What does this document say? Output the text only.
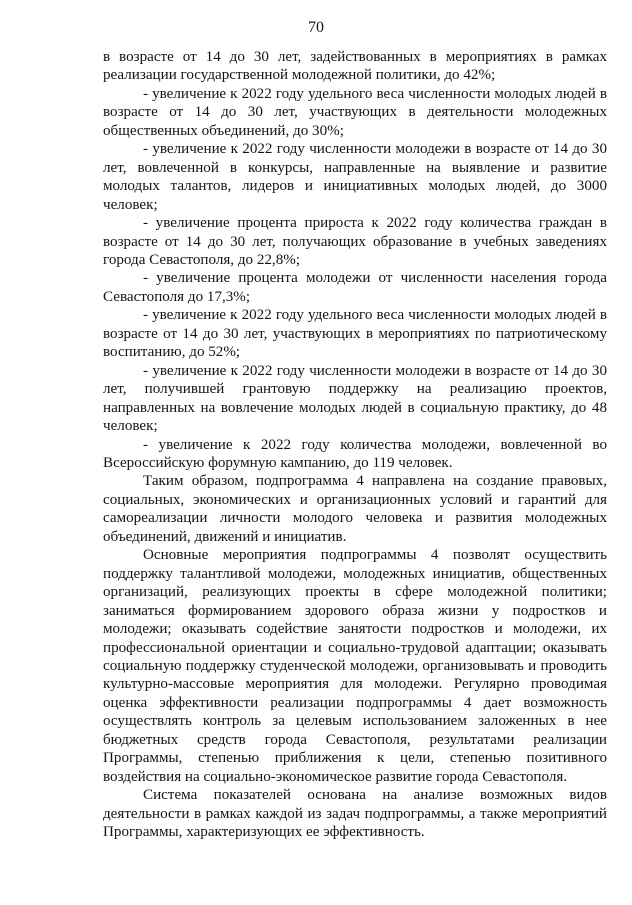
70

в возрасте от 14 до 30 лет, задействованных в мероприятиях в рамках реализации государственной молодежной политики, до 42%;

- увеличение к 2022 году удельного веса численности молодых людей в возрасте от 14 до 30 лет, участвующих в деятельности молодежных общественных объединений, до 30%;

- увеличение к 2022 году численности молодежи в возрасте от 14 до 30 лет, вовлеченной в конкурсы, направленные на выявление и развитие молодых талантов, лидеров и инициативных молодых людей, до 3000 человек;

- увеличение процента прироста к 2022 году количества граждан в возрасте от 14 до 30 лет, получающих образование в учебных заведениях города Севастополя, до 22,8%;

- увеличение процента молодежи от численности населения города Севастополя до 17,3%;

- увеличение к 2022 году удельного веса численности молодых людей в возрасте от 14 до 30 лет, участвующих в мероприятиях по патриотическому воспитанию, до 52%;

- увеличение к 2022 году численности молодежи в возрасте от 14 до 30 лет, получившей грантовую поддержку на реализацию проектов, направленных на вовлечение молодых людей в социальную практику, до 48 человек;

- увеличение к 2022 году количества молодежи, вовлеченной во Всероссийскую форумную кампанию, до 119 человек.

Таким образом, подпрограмма 4 направлена на создание правовых, социальных, экономических и организационных условий и гарантий для самореализации личности молодого человека и развития молодежных объединений, движений и инициатив.

Основные мероприятия подпрограммы 4 позволят осуществить поддержку талантливой молодежи, молодежных инициатив, общественных организаций, реализующих проекты в сфере молодежной политики; заниматься формированием здорового образа жизни у подростков и молодежи; оказывать содействие занятости подростков и молодежи, их профессиональной ориентации и социально-трудовой адаптации; оказывать социальную поддержку студенческой молодежи, организовывать и проводить культурно-массовые мероприятия для молодежи. Регулярно проводимая оценка эффективности реализации подпрограммы 4 дает возможность осуществлять контроль за целевым использованием заложенных в нее бюджетных средств города Севастополя, результатами реализации Программы, степенью приближения к цели, степенью позитивного воздействия на социально-экономическое развитие города Севастополя.

Система показателей основана на анализе возможных видов деятельности в рамках каждой из задач подпрограммы, а также мероприятий Программы, характеризующих ее эффективность.
